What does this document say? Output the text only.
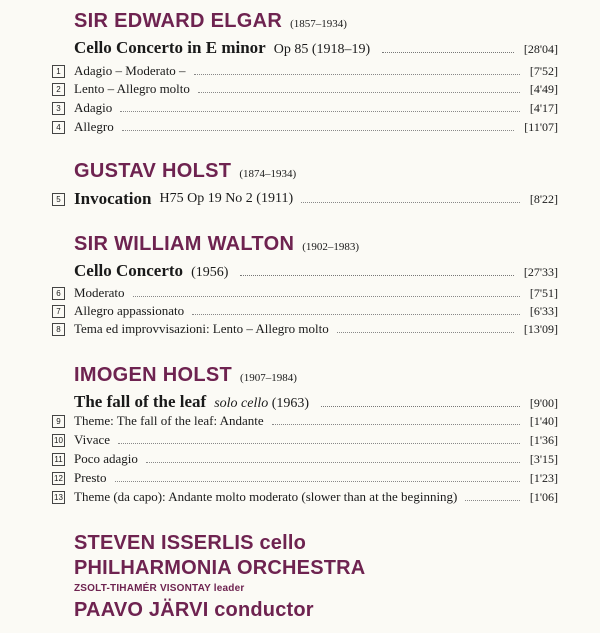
SIR EDWARD ELGAR (1857–1934)
Cello Concerto in E minor Op 85 (1918–19)	[28'04]
1	Adagio – Moderato –	[7'52]
2	Lento – Allegro molto	[4'49]
3	Adagio	[4'17]
4	Allegro	[11'07]
GUSTAV HOLST (1874–1934)
5 Invocation H75 Op 19 No 2 (1911)	[8'22]
SIR WILLIAM WALTON (1902–1983)
Cello Concerto (1956)	[27'33]
6	Moderato	[7'51]
7	Allegro appassionato	[6'33]
8	Tema ed improvvisazioni: Lento – Allegro molto	[13'09]
IMOGEN HOLST (1907–1984)
The fall of the leaf solo cello (1963)	[9'00]
9	Theme: The fall of the leaf: Andante	[1'40]
10 Vivace	[1'36]
11 Poco adagio	[3'15]
12 Presto	[1'23]
13 Theme (da capo): Andante molto moderato (slower than at the beginning)	[1'06]
STEVEN ISSERLIS cello
PHILHARMONIA ORCHESTRA
ZSOLT-TIHAMÉR VISONTAY leader
PAAVO JÄRVI conductor
